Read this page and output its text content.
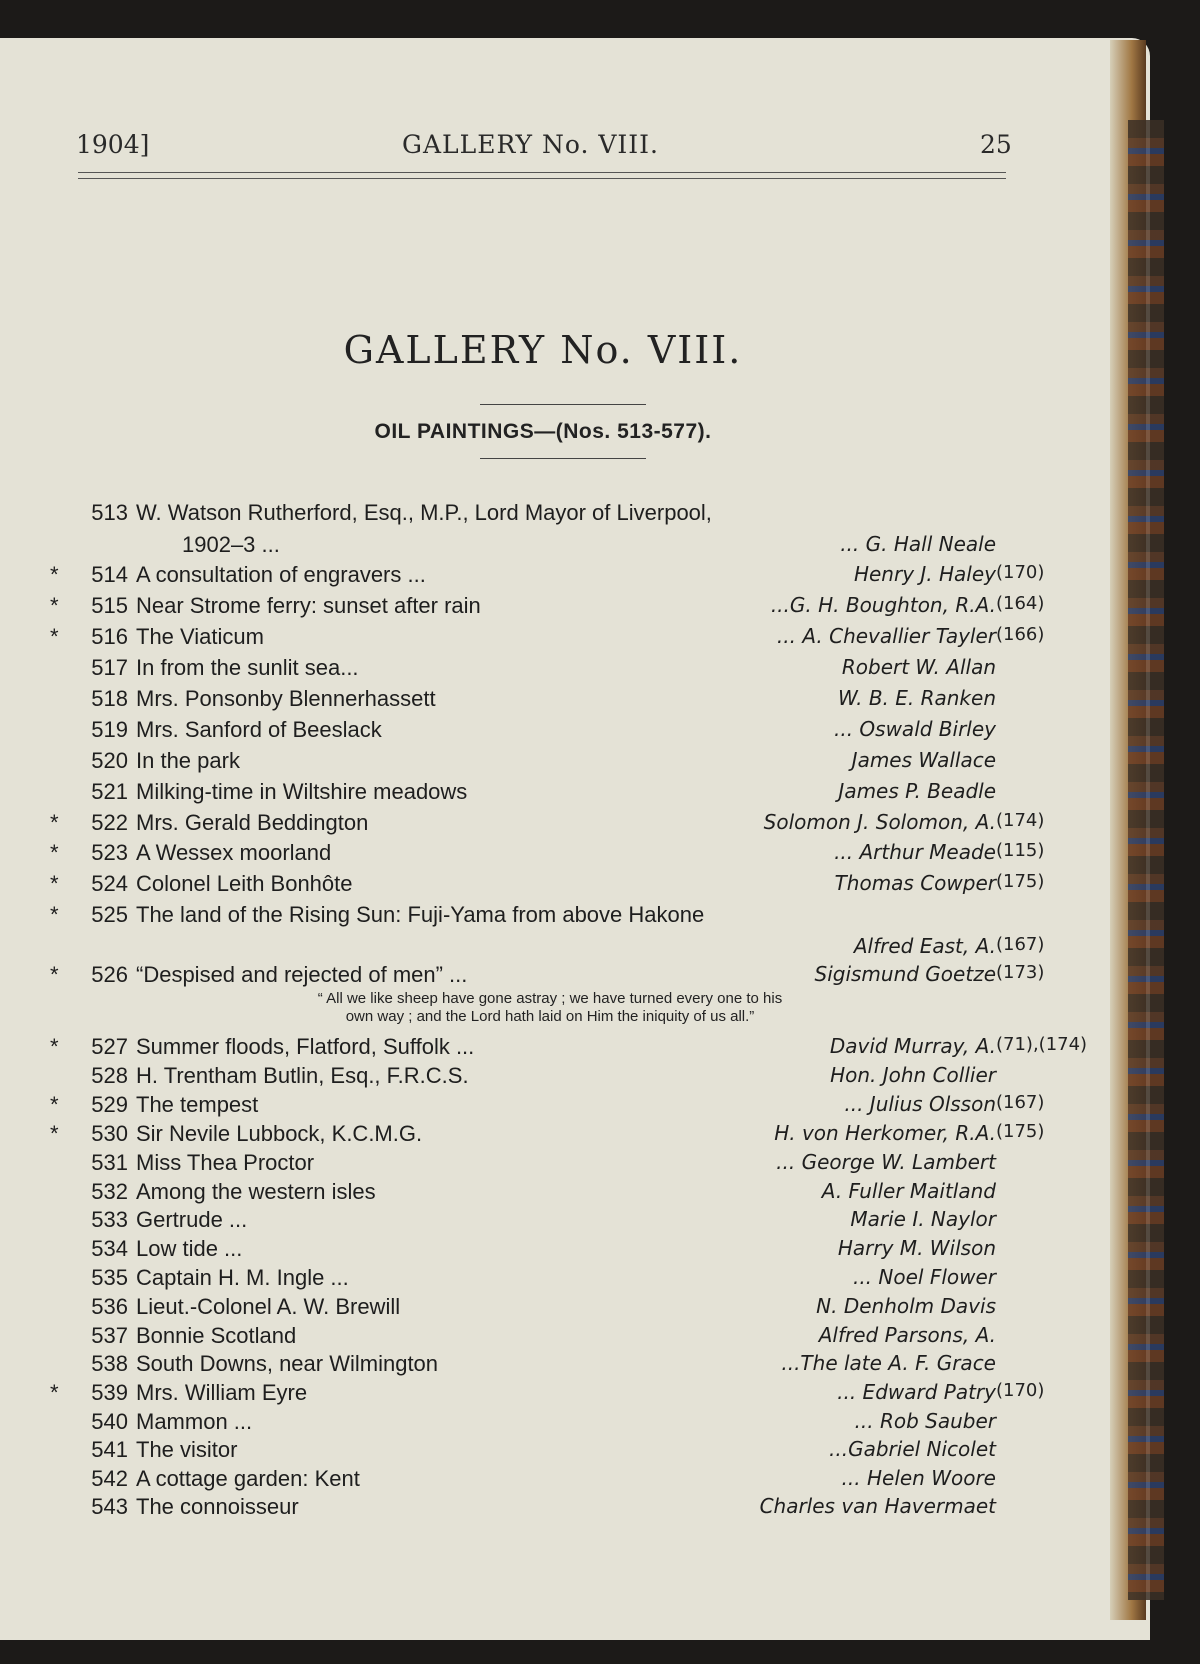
1904]	GALLERY No. VIII.	25
GALLERY No. VIII.
OIL PAINTINGS—(Nos. 513-577).
513 W. Watson Rutherford, Esq., M.P., Lord Mayor of Liverpool,
1902–3 ...	... G. Hall Neale
*	514 A consultation of engravers ...	Henry J. Haley (170)
*	515 Near Strome ferry: sunset after rain	...G. H. Boughton, R.A. (164)
*	516 The Viaticum	... A. Chevallier Tayler (166)
517 In from the sunlit sea...	Robert W. Allan
518 Mrs. Ponsonby Blennerhassett	W. B. E. Ranken
519 Mrs. Sanford of Beeslack	... Oswald Birley
520 In the park	James Wallace
521 Milking-time in Wiltshire meadows	James P. Beadle
*	522 Mrs. Gerald Beddington	Solomon J. Solomon, A. (174)
*	523 A Wessex moorland	... Arthur Meade (115)
*	524 Colonel Leith Bonhôte	Thomas Cowper (175)
*	525 The land of the Rising Sun: Fuji-Yama from above Hakone
Alfred East, A. (167)
*	526 “Despised and rejected of men” ...	Sigismund Goetze (173)
*	527 Summer floods, Flatford, Suffolk ...	David Murray, A. (71),(174)
528 H. Trentham Butlin, Esq., F.R.C.S.	Hon. John Collier
*	529 The tempest	... Julius Olsson (167)
*	530 Sir Nevile Lubbock, K.C.M.G.	H. von Herkomer, R.A. (175)
531 Miss Thea Proctor	... George W. Lambert
532 Among the western isles	A. Fuller Maitland
533 Gertrude ...	Marie I. Naylor
534 Low tide ...	Harry M. Wilson
535 Captain H. M. Ingle ...	... Noel Flower
536 Lieut.-Colonel A. W. Brewill	N. Denholm Davis
537 Bonnie Scotland	Alfred Parsons, A.
538 South Downs, near Wilmington	...The late A. F. Grace
*	539 Mrs. William Eyre	... Edward Patry (170)
540 Mammon ...	... Rob Sauber
541 The visitor	...Gabriel Nicolet
542 A cottage garden: Kent	... Helen Woore
543 The connoisseur	Charles van Havermaet
“ All we like sheep have gone astray ; we have turned every one to his
own way ; and the Lord hath laid on Him the iniquity of us all.”
